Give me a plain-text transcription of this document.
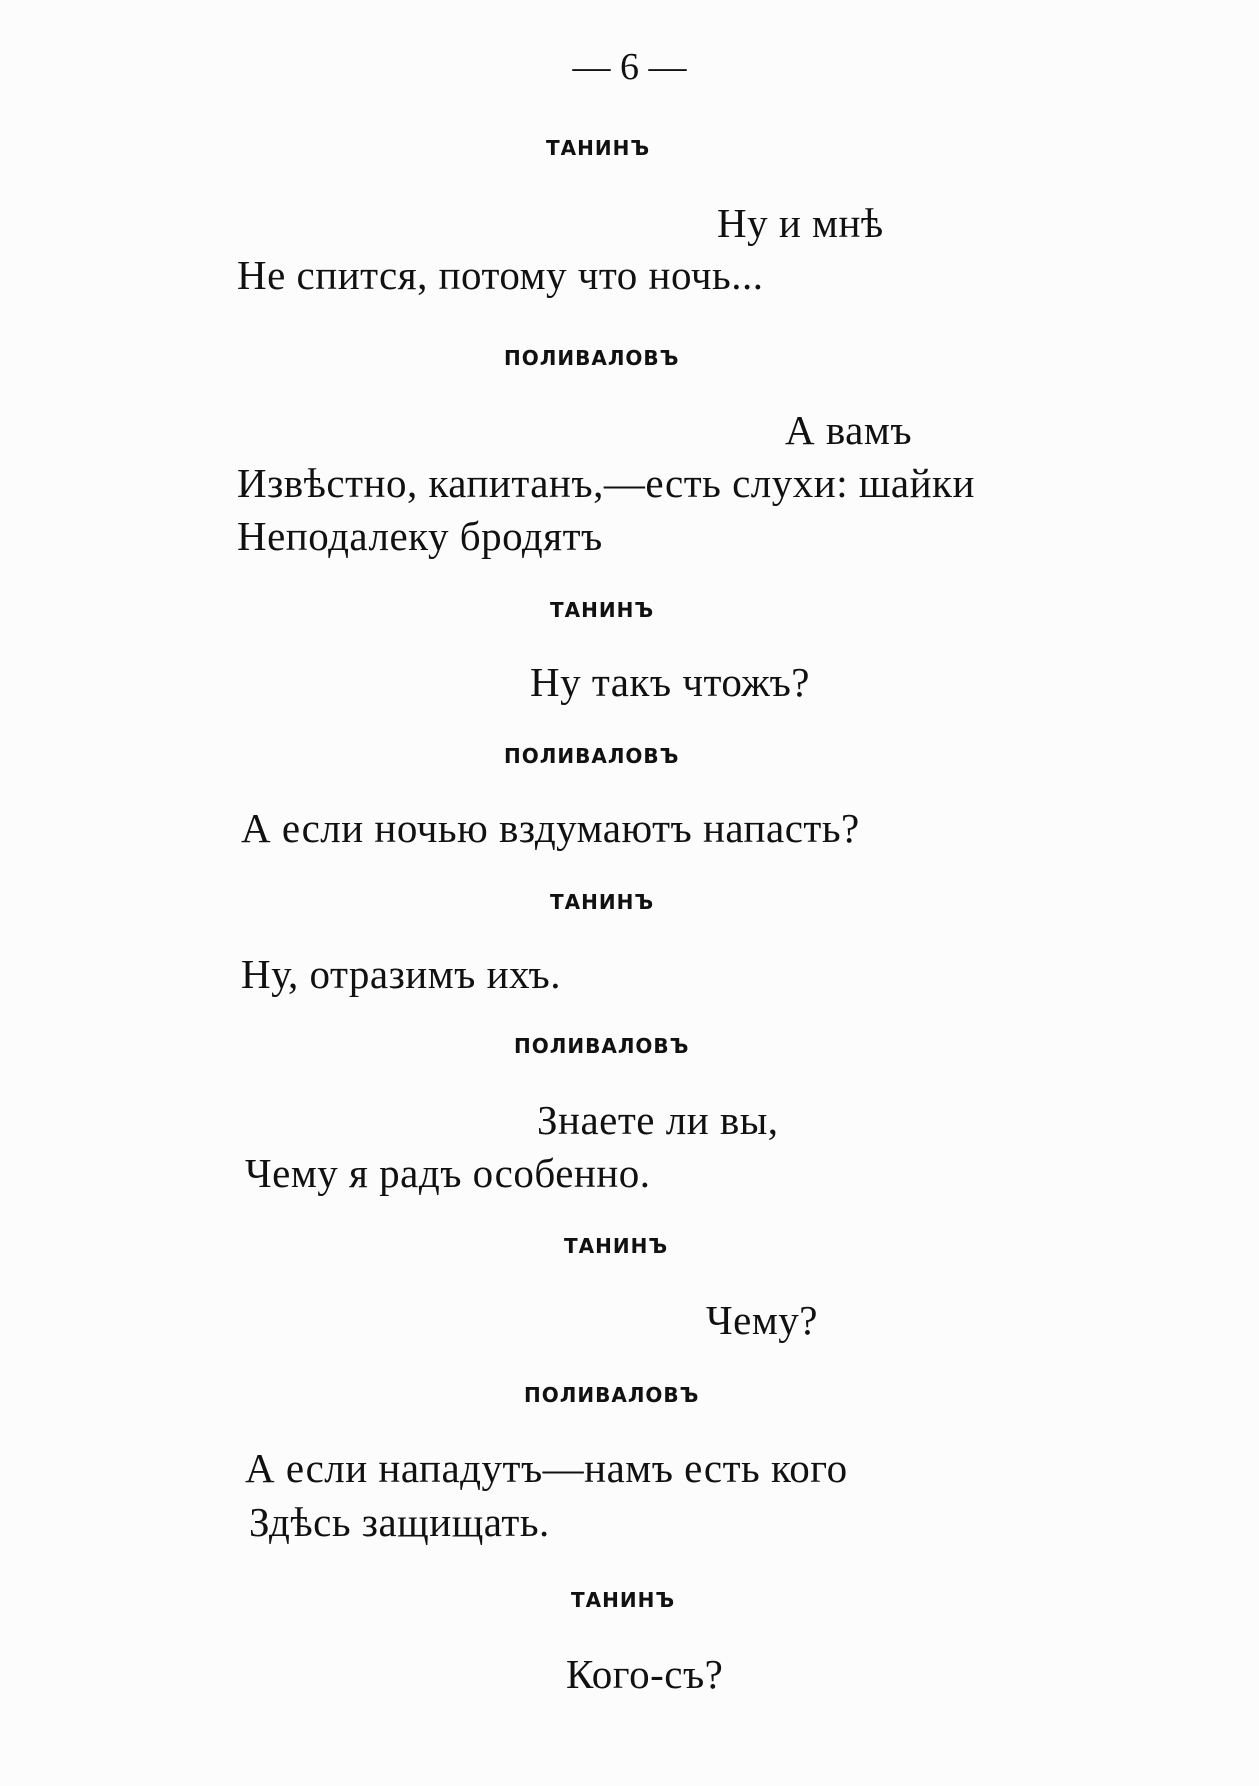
— 6 —
ТАНИНЪ
Ну и мнѣ
Не спится, потому что ночь...
ПОЛИВАЛОВЪ
А вамъ
Извѣстно, капитанъ,—есть слухи: шайки
Неподалеку бродятъ
ТАНИНЪ
Ну такъ чтожъ?
ПОЛИВАЛОВЪ
А если ночью вздумаютъ напасть?
ТАНИНЪ
Ну, отразимъ ихъ.
ПОЛИВАЛОВЪ
Знаете ли вы,
Чему я радъ особенно.
ТАНИНЪ
Чему?
ПОЛИВАЛОВЪ
А если нападутъ—намъ есть кого
Здѣсь защищать.
ТАНИНЪ
Кого-съ?
